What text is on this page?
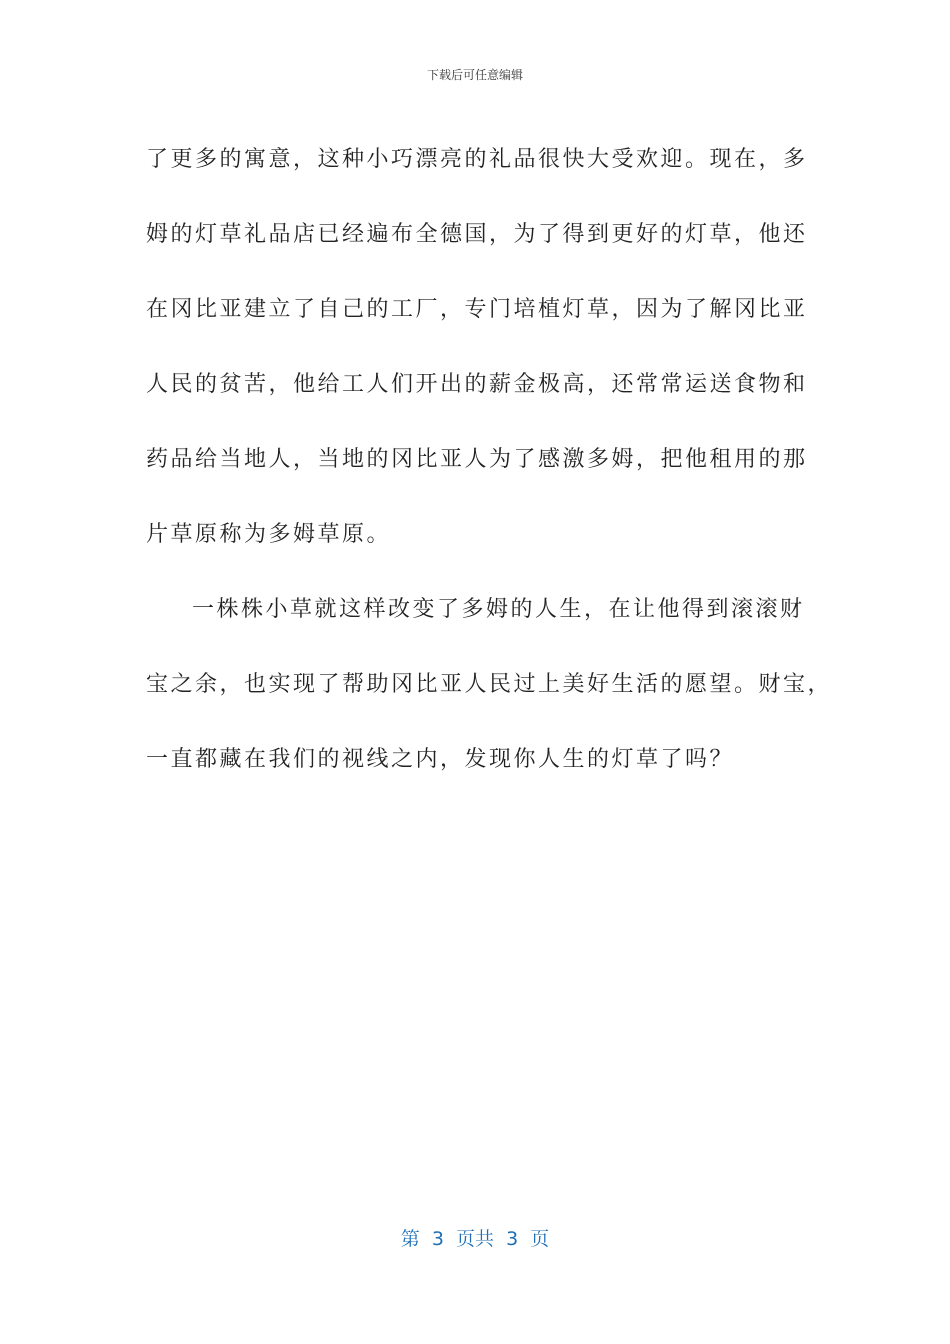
下载后可任意编辑
了更多的寓意，这种小巧漂亮的礼品很快大受欢迎。现在，多
姆的灯草礼品店已经遍布全德国，为了得到更好的灯草，他还
在冈比亚建立了自己的工厂，专门培植灯草，因为了解冈比亚
人民的贫苦，他给工人们开出的薪金极高，还常常运送食物和
药品给当地人，当地的冈比亚人为了感激多姆，把他租用的那
片草原称为多姆草原。
一株株小草就这样改变了多姆的人生，在让他得到滚滚财
宝之余，也实现了帮助冈比亚人民过上美好生活的愿望。财宝，
一直都藏在我们的视线之内，发现你人生的灯草了吗？
第  3  页共  3  页
